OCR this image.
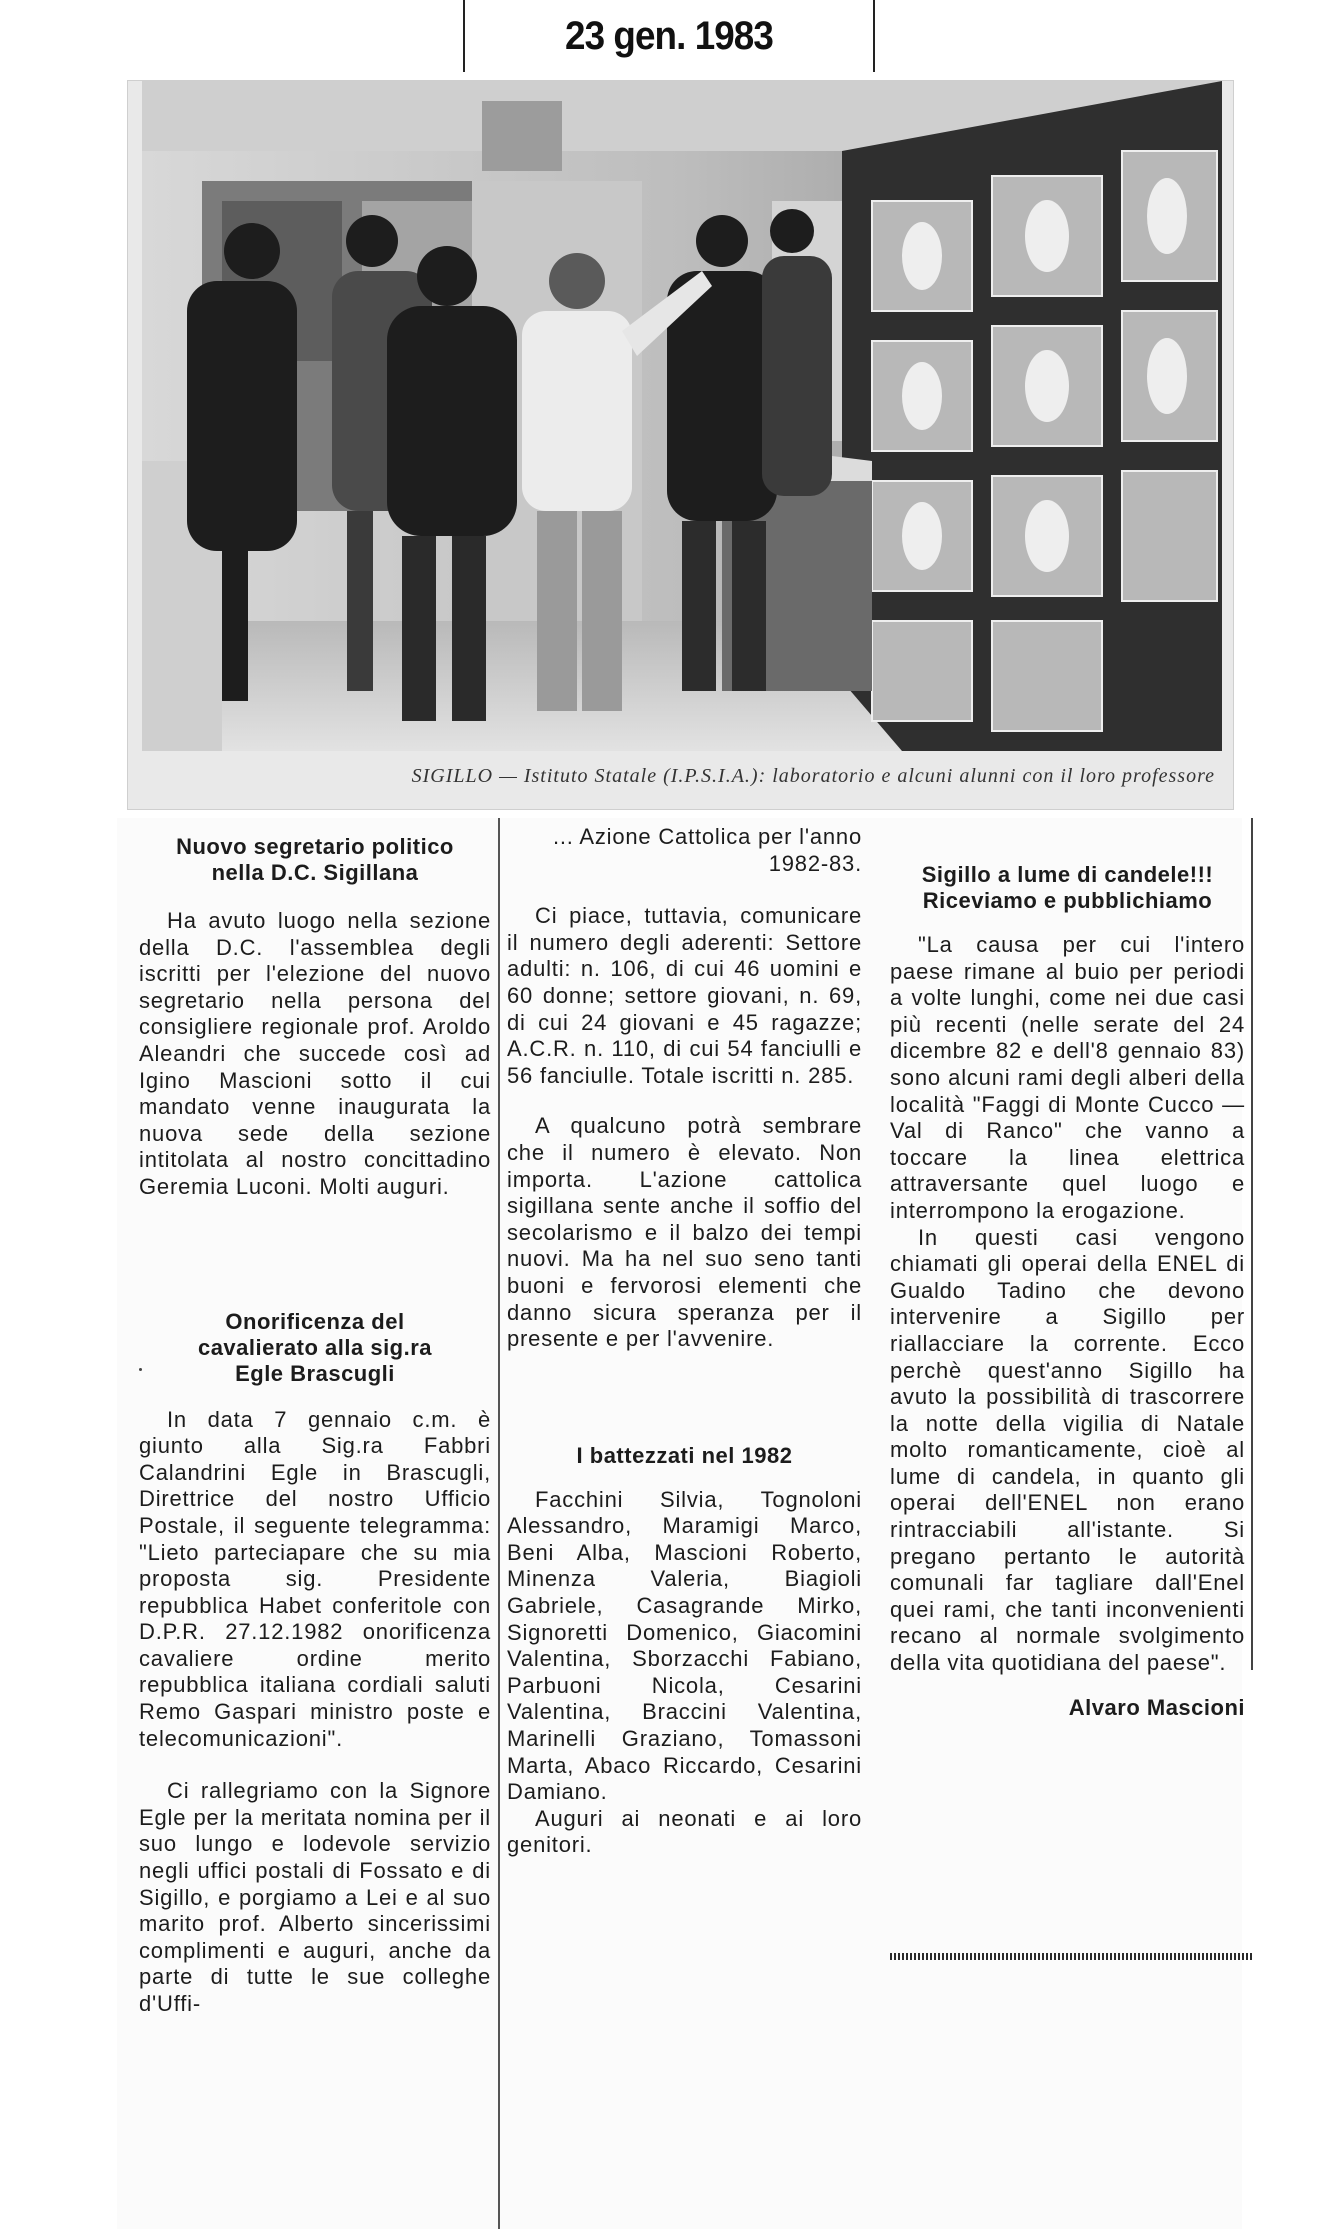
23 gen. 1983
SIGILLO — Istituto Statale (I.P.S.I.A.): laboratorio e alcuni alunni con il loro professore

Nuovo segretario politico nella D.C. Sigillana

Ha avuto luogo nella sezione della D.C. l'assemblea degli iscritti per l'elezione del nuovo segretario nella persona del consigliere regionale prof. Aroldo Aleandri che succede così ad Igino Mascioni sotto il cui mandato venne inaugurata la nuova sede della sezione intitolata al nostro concittadino Geremia Luconi. Molti auguri.

Onorificenza del cavalierato alla sig.ra Egle Brascugli

In data 7 gennaio c.m. è giunto alla Sig.ra Fabbri Calandrini Egle in Brascugli, Direttrice del nostro Ufficio Postale, il seguente telegramma: "Lieto parteciapare che su mia proposta sig. Presidente repubblica Habet conferitole con D.P.R. 27.12.1982 onorificenza cavaliere ordine merito repubblica italiana cordiali saluti Remo Gaspari ministro poste e telecomunicazioni".

Ci rallegriamo con la Signore Egle per la meritata nomina per il suo lungo e lodevole servizio negli uffici postali di Fossato e di Sigillo, e porgiamo a Lei e al suo marito prof. Alberto sincerissimi complimenti e auguri, anche da parte di tutte le sue colleghe d'Uffi-

... Azione Cattolica per l'anno 1982-83.

Ci piace, tuttavia, comunicare il numero degli aderenti: Settore adulti: n. 106, di cui 46 uomini e 60 donne; settore giovani, n. 69, di cui 24 giovani e 45 ragazze; A.C.R. n. 110, di cui 54 fanciulli e 56 fanciulle. Totale iscritti n. 285.

A qualcuno potrà sembrare che il numero è elevato. Non importa. L'azione cattolica sigillana sente anche il soffio del secolarismo e il balzo dei tempi nuovi. Ma ha nel suo seno tanti buoni e fervorosi elementi che danno sicura speranza per il presente e per l'avvenire.

I battezzati nel 1982

Facchini Silvia, Tognoloni Alessandro, Maramigi Marco, Beni Alba, Mascioni Roberto, Minenza Valeria, Biagioli Gabriele, Casagrande Mirko, Signoretti Domenico, Giacomini Valentina, Sborzacchi Fabiano, Parbuoni Nicola, Cesarini Valentina, Braccini Valentina, Marinelli Graziano, Tomassoni Marta, Abaco Riccardo, Cesarini Damiano.

Auguri ai neonati e ai loro genitori.

Sigillo a lume di candele!!!

Riceviamo e pubblichiamo

"La causa per cui l'intero paese rimane al buio per periodi a volte lunghi, come nei due casi più recenti (nelle serate del 24 dicembre 82 e dell'8 gennaio 83) sono alcuni rami degli alberi della località "Faggi di Monte Cucco — Val di Ranco" che vanno a toccare la linea elettrica attraversante quel luogo e interrompono la erogazione.

In questi casi vengono chiamati gli operai della ENEL di Gualdo Tadino che devono intervenire a Sigillo per riallacciare la corrente. Ecco perchè quest'anno Sigillo ha avuto la possibilità di trascorrere la notte della vigilia di Natale molto romanticamente, cioè al lume di candela, in quanto gli operai dell'ENEL non erano rintracciabili all'istante. Si pregano pertanto le autorità comunali far tagliare dall'Enel quei rami, che tanti inconvenienti recano al normale svolgimento della vita quotidiana del paese".

Alvaro Mascioni
